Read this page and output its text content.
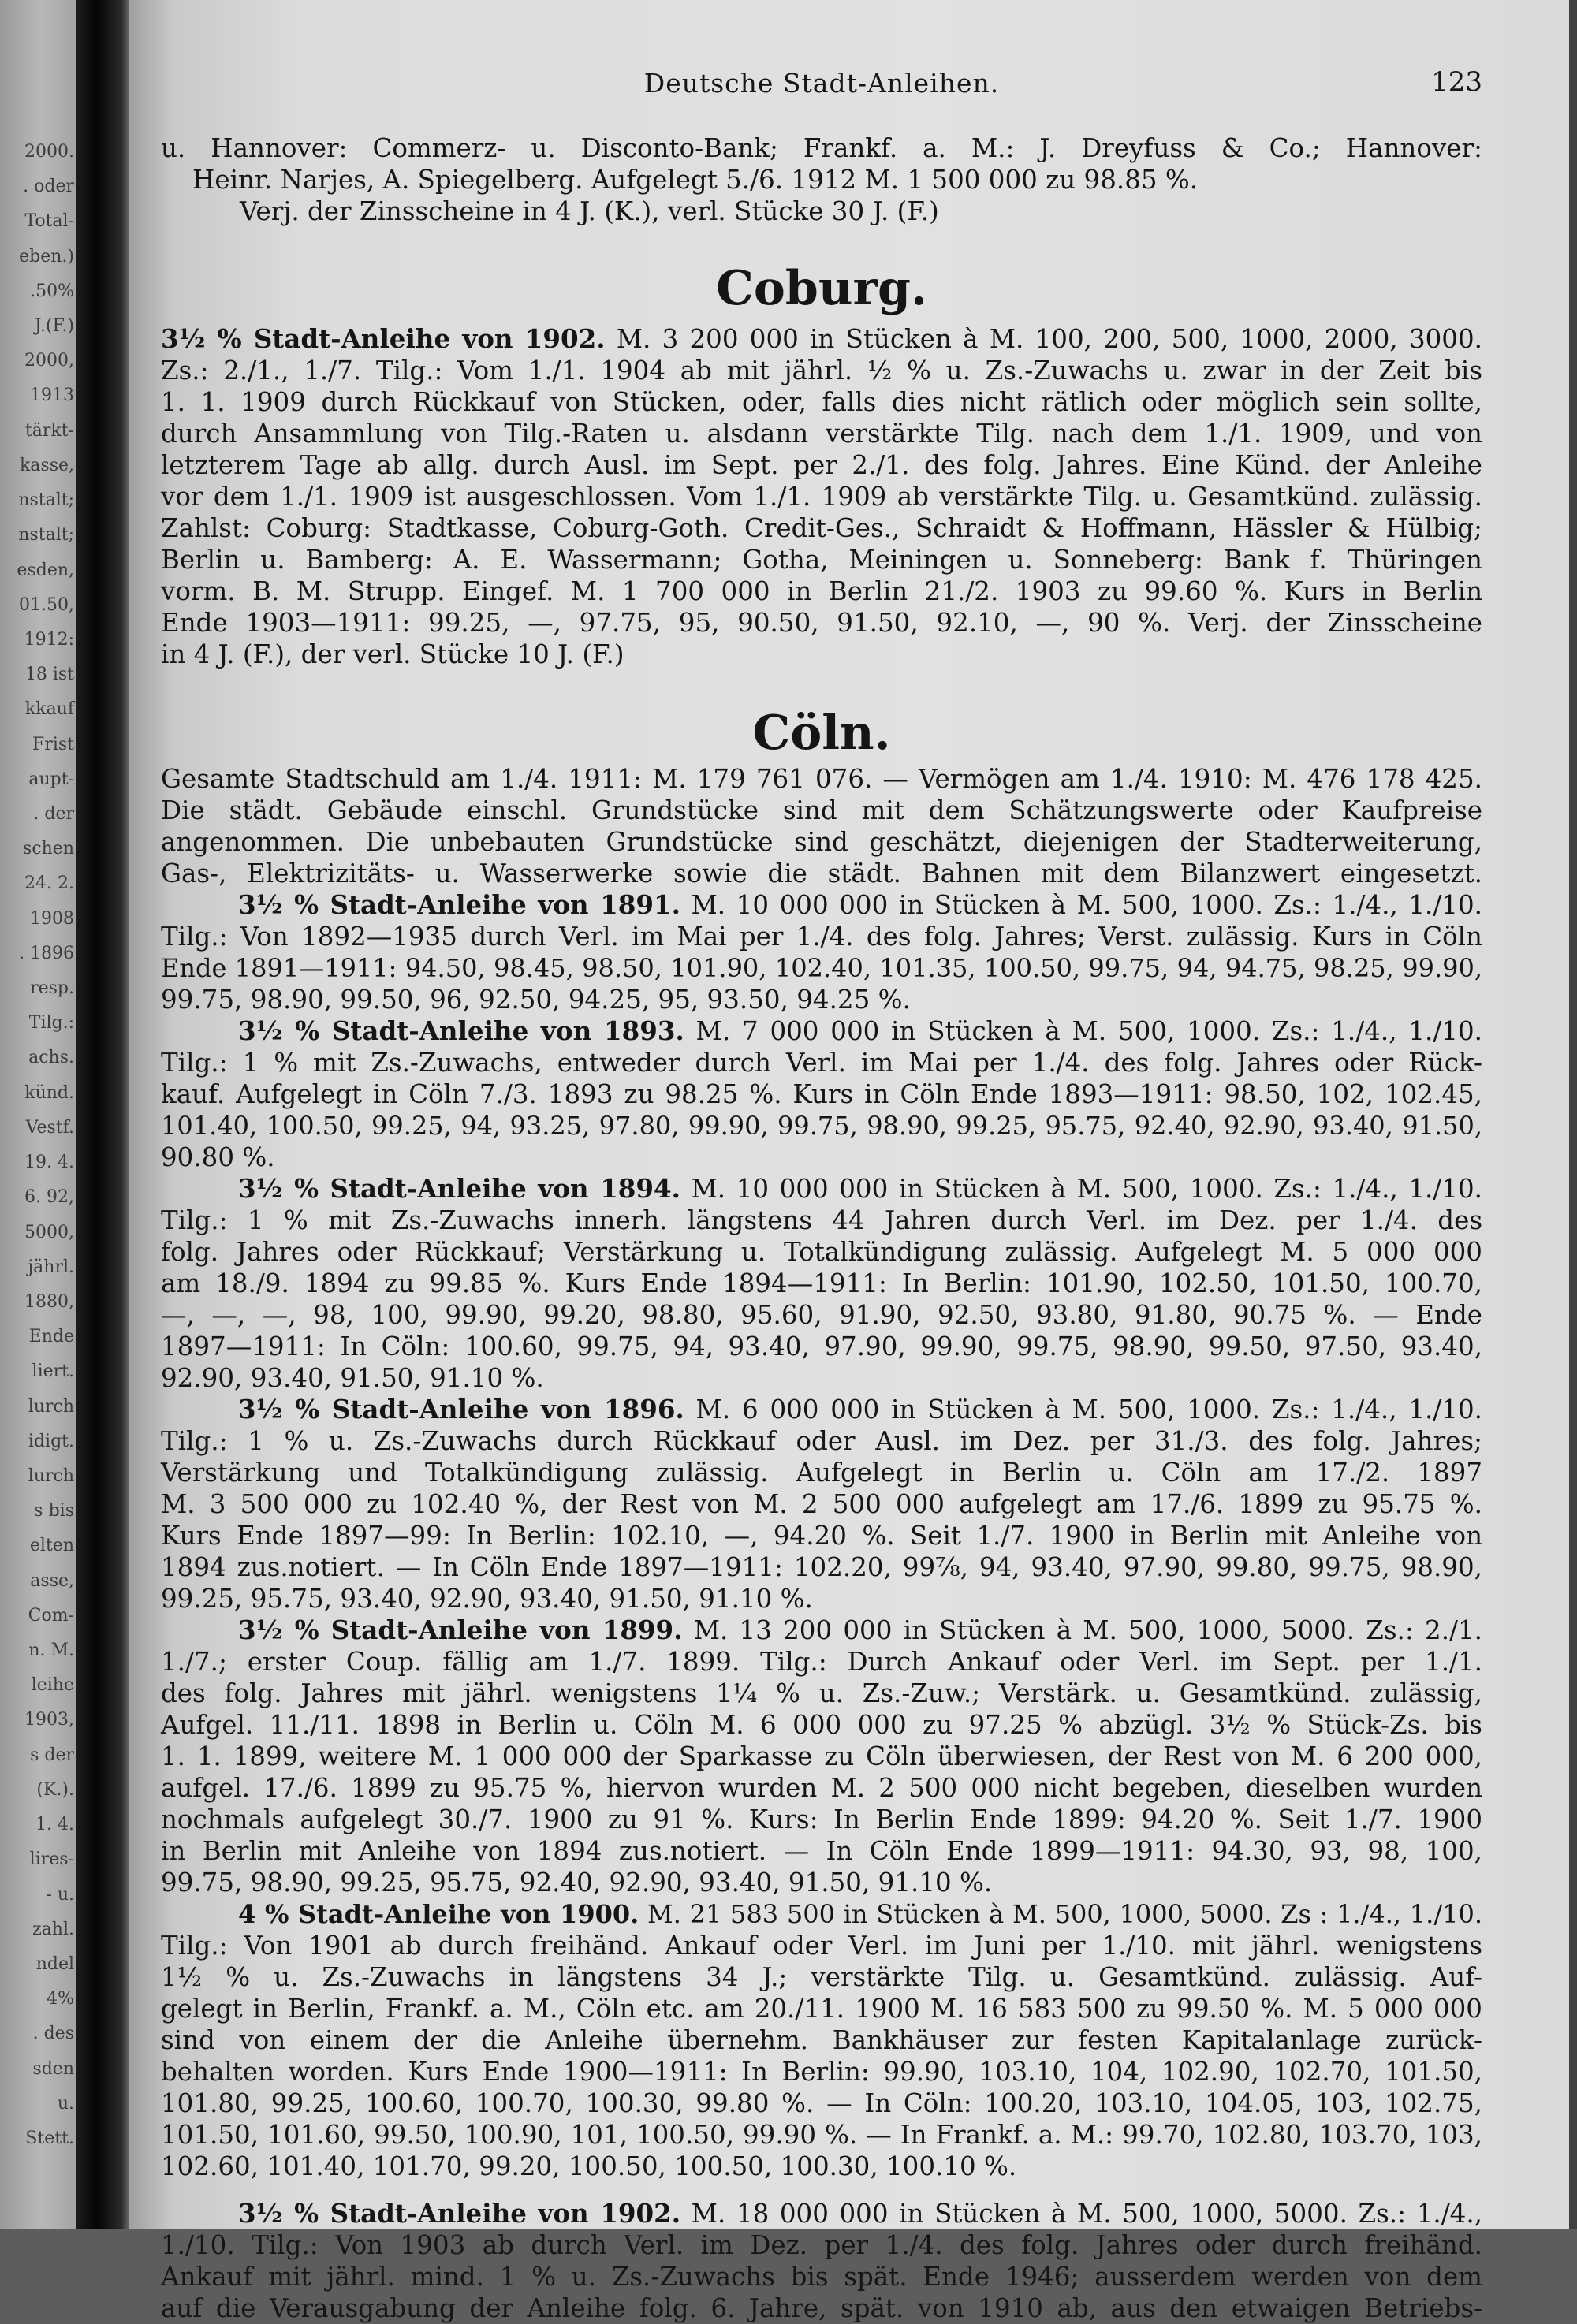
Deutsche Stadt-Anleihen.	123

u. Hannover: Commerz- u. Disconto-Bank; Frankf. a. M.: J. Dreyfuss & Co.; Hannover:

Heinr. Narjes, A. Spiegelberg. Aufgelegt 5./6. 1912 M. 1 500 000 zu 98.85 %.

Verj. der Zinsscheine in 4 J. (K.), verl. Stücke 30 J. (F.)

Coburg.

3½ % Stadt-Anleihe von 1902. M. 3 200 000 in Stücken à M. 100, 200, 500, 1000, 2000, 3000.

Zs.: 2./1., 1./7. Tilg.: Vom 1./1. 1904 ab mit jährl. ½ % u. Zs.-Zuwachs u. zwar in der Zeit bis

1. 1. 1909 durch Rückkauf von Stücken, oder, falls dies nicht rätlich oder möglich sein sollte,

durch Ansammlung von Tilg.-Raten u. alsdann verstärkte Tilg. nach dem 1./1. 1909, und von

letzterem Tage ab allg. durch Ausl. im Sept. per 2./1. des folg. Jahres. Eine Künd. der Anleihe

vor dem 1./1. 1909 ist ausgeschlossen. Vom 1./1. 1909 ab verstärkte Tilg. u. Gesamtkünd. zulässig.

Zahlst: Coburg: Stadtkasse, Coburg-Goth. Credit-Ges., Schraidt & Hoffmann, Hässler & Hülbig;

Berlin u. Bamberg: A. E. Wassermann; Gotha, Meiningen u. Sonneberg: Bank f. Thüringen

vorm. B. M. Strupp. Eingef. M. 1 700 000 in Berlin 21./2. 1903 zu 99.60 %. Kurs in Berlin

Ende 1903—1911: 99.25, —, 97.75, 95, 90.50, 91.50, 92.10, —, 90 %. Verj. der Zinsscheine

in 4 J. (F.), der verl. Stücke 10 J. (F.)

Cöln.

Gesamte Stadtschuld am 1./4. 1911: M. 179 761 076. — Vermögen am 1./4. 1910: M. 476 178 425.

Die städt. Gebäude einschl. Grundstücke sind mit dem Schätzungswerte oder Kaufpreise

angenommen. Die unbebauten Grundstücke sind geschätzt, diejenigen der Stadterweiterung,

Gas-, Elektrizitäts- u. Wasserwerke sowie die städt. Bahnen mit dem Bilanzwert eingesetzt.

3½ % Stadt-Anleihe von 1891. M. 10 000 000 in Stücken à M. 500, 1000. Zs.: 1./4., 1./10.

Tilg.: Von 1892—1935 durch Verl. im Mai per 1./4. des folg. Jahres; Verst. zulässig. Kurs in Cöln

Ende 1891—1911: 94.50, 98.45, 98.50, 101.90, 102.40, 101.35, 100.50, 99.75, 94, 94.75, 98.25, 99.90,

99.75, 98.90, 99.50, 96, 92.50, 94.25, 95, 93.50, 94.25 %.

3½ % Stadt-Anleihe von 1893. M. 7 000 000 in Stücken à M. 500, 1000. Zs.: 1./4., 1./10.

Tilg.: 1 % mit Zs.-Zuwachs, entweder durch Verl. im Mai per 1./4. des folg. Jahres oder Rück-

kauf. Aufgelegt in Cöln 7./3. 1893 zu 98.25 %. Kurs in Cöln Ende 1893—1911: 98.50, 102, 102.45,

101.40, 100.50, 99.25, 94, 93.25, 97.80, 99.90, 99.75, 98.90, 99.25, 95.75, 92.40, 92.90, 93.40, 91.50,

90.80 %.

3½ % Stadt-Anleihe von 1894. M. 10 000 000 in Stücken à M. 500, 1000. Zs.: 1./4., 1./10.

Tilg.: 1 % mit Zs.-Zuwachs innerh. längstens 44 Jahren durch Verl. im Dez. per 1./4. des

folg. Jahres oder Rückkauf; Verstärkung u. Totalkündigung zulässig. Aufgelegt M. 5 000 000

am 18./9. 1894 zu 99.85 %. Kurs Ende 1894—1911: In Berlin: 101.90, 102.50, 101.50, 100.70,

—, —, —, 98, 100, 99.90, 99.20, 98.80, 95.60, 91.90, 92.50, 93.80, 91.80, 90.75 %. — Ende

1897—1911: In Cöln: 100.60, 99.75, 94, 93.40, 97.90, 99.90, 99.75, 98.90, 99.50, 97.50, 93.40,

92.90, 93.40, 91.50, 91.10 %.

3½ % Stadt-Anleihe von 1896. M. 6 000 000 in Stücken à M. 500, 1000. Zs.: 1./4., 1./10.

Tilg.: 1 % u. Zs.-Zuwachs durch Rückkauf oder Ausl. im Dez. per 31./3. des folg. Jahres;

Verstärkung und Totalkündigung zulässig. Aufgelegt in Berlin u. Cöln am 17./2. 1897

M. 3 500 000 zu 102.40 %, der Rest von M. 2 500 000 aufgelegt am 17./6. 1899 zu 95.75 %.

Kurs Ende 1897—99: In Berlin: 102.10, —, 94.20 %. Seit 1./7. 1900 in Berlin mit Anleihe von

1894 zus.notiert. — In Cöln Ende 1897—1911: 102.20, 99⅞, 94, 93.40, 97.90, 99.80, 99.75, 98.90,

99.25, 95.75, 93.40, 92.90, 93.40, 91.50, 91.10 %.

3½ % Stadt-Anleihe von 1899. M. 13 200 000 in Stücken à M. 500, 1000, 5000. Zs.: 2./1.

1./7.; erster Coup. fällig am 1./7. 1899. Tilg.: Durch Ankauf oder Verl. im Sept. per 1./1.

des folg. Jahres mit jährl. wenigstens 1¼ % u. Zs.-Zuw.; Verstärk. u. Gesamtkünd. zulässig,

Aufgel. 11./11. 1898 in Berlin u. Cöln M. 6 000 000 zu 97.25 % abzügl. 3½ % Stück-Zs. bis

1. 1. 1899, weitere M. 1 000 000 der Sparkasse zu Cöln überwiesen, der Rest von M. 6 200 000,

aufgel. 17./6. 1899 zu 95.75 %, hiervon wurden M. 2 500 000 nicht begeben, dieselben wurden

nochmals aufgelegt 30./7. 1900 zu 91 %. Kurs: In Berlin Ende 1899: 94.20 %. Seit 1./7. 1900

in Berlin mit Anleihe von 1894 zus.notiert. — In Cöln Ende 1899—1911: 94.30, 93, 98, 100,

99.75, 98.90, 99.25, 95.75, 92.40, 92.90, 93.40, 91.50, 91.10 %.

4 % Stadt-Anleihe von 1900. M. 21 583 500 in Stücken à M. 500, 1000, 5000. Zs : 1./4., 1./10.

Tilg.: Von 1901 ab durch freihänd. Ankauf oder Verl. im Juni per 1./10. mit jährl. wenigstens

1½ % u. Zs.-Zuwachs in längstens 34 J.; verstärkte Tilg. u. Gesamtkünd. zulässig. Auf-

gelegt in Berlin, Frankf. a. M., Cöln etc. am 20./11. 1900 M. 16 583 500 zu 99.50 %. M. 5 000 000

sind von einem der die Anleihe übernehm. Bankhäuser zur festen Kapitalanlage zurück-

behalten worden. Kurs Ende 1900—1911: In Berlin: 99.90, 103.10, 104, 102.90, 102.70, 101.50,

101.80, 99.25, 100.60, 100.70, 100.30, 99.80 %. — In Cöln: 100.20, 103.10, 104.05, 103, 102.75,

101.50, 101.60, 99.50, 100.90, 101, 100.50, 99.90 %. — In Frankf. a. M.: 99.70, 102.80, 103.70, 103,

102.60, 101.40, 101.70, 99.20, 100.50, 100.50, 100.30, 100.10 %.

3½ % Stadt-Anleihe von 1902. M. 18 000 000 in Stücken à M. 500, 1000, 5000. Zs.: 1./4.,

1./10. Tilg.: Von 1903 ab durch Verl. im Dez. per 1./4. des folg. Jahres oder durch freihänd.

Ankauf mit jährl. mind. 1 % u. Zs.-Zuwachs bis spät. Ende 1946; ausserdem werden von dem

auf die Verausgabung der Anleihe folg. 6. Jahre, spät. von 1910 ab, aus den etwaigen Betriebs-

2000.
. oder
Total-
eben.)
.50%
J.(F.)
2000,
1913
tärkt-
kasse,
nstalt;
nstalt;
esden,
01.50,
1912:
18 ist
kkauf
Frist
aupt-
. der
schen
24. 2.
1908
. 1896
resp.
Tilg.:
achs.
künd.
Vestf.
19. 4.
6. 92,
5000,
jährl.
1880,
Ende
liert.
lurch
idigt.
lurch
s bis
elten
asse,
Com-
n. M.
leihe
1903,
s der
(K.).
1. 4.
lires-
- u.
zahl.
ndel
4%
. des
sden
u.
Stett.
